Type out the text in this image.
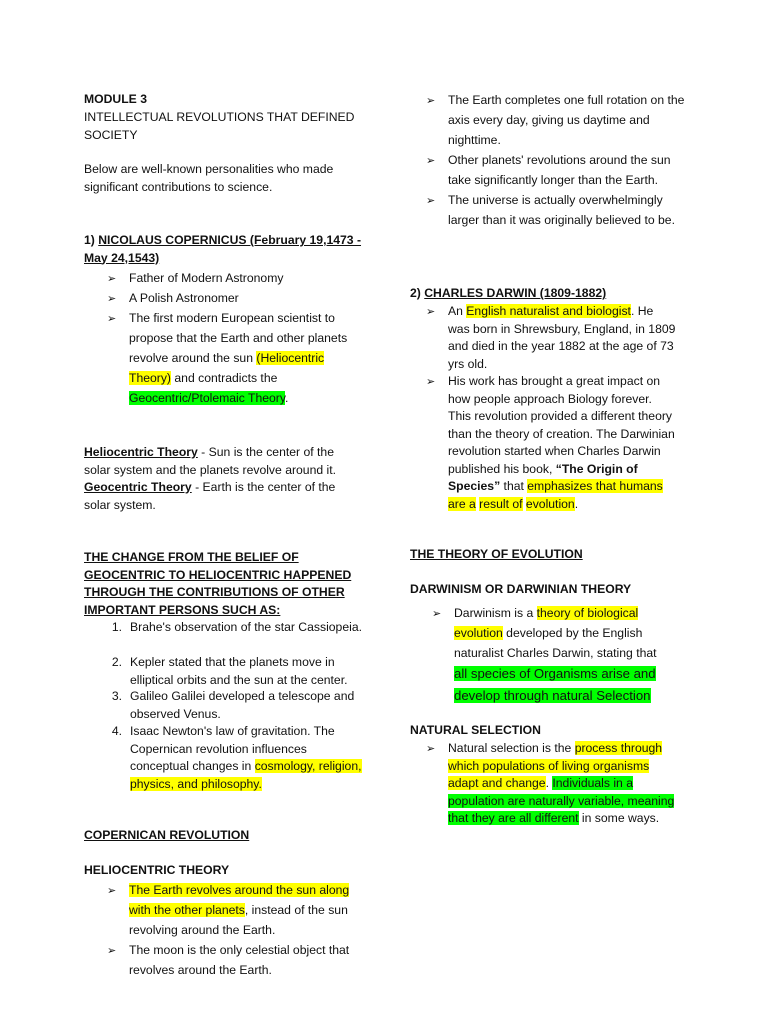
MODULE 3

INTELLECTUAL REVOLUTIONS THAT DEFINED
SOCIETY

Below are well-known personalities who made significant contributions to science.

1) NICOLAUS COPERNICUS (February 19,1473 - May 24,1543)

➢	Father of Modern Astronomy
➢	A Polish Astronomer
➢	The first modern European scientist to propose that the Earth and other planets revolve around the sun (Heliocentric Theory) and contradicts the Geocentric/Ptolemaic Theory.

Heliocentric Theory - Sun is the center of the solar system and the planets revolve around it.

Geocentric Theory - Earth is the center of the solar system.

THE CHANGE FROM THE BELIEF OF GEOCENTRIC TO HELIOCENTRIC HAPPENED THROUGH THE CONTRIBUTIONS OF OTHER IMPORTANT PERSONS SUCH AS:

1. Brahe's observation of the star Cassiopeia.
2. Kepler stated that the planets move in elliptical orbits and the sun at the center.
3. Galileo Galilei developed a telescope and observed Venus.
4. Isaac Newton's law of gravitation. The Copernican revolution influences conceptual changes in cosmology, religion, physics, and philosophy.

COPERNICAN REVOLUTION

HELIOCENTRIC THEORY

➢	The Earth revolves around the sun along with the other planets, instead of the sun revolving around the Earth.
➢	The moon is the only celestial object that revolves around the Earth.
➢	The Earth completes one full rotation on the axis every day, giving us daytime and nighttime.
➢	Other planets' revolutions around the sun take significantly longer than the Earth.
➢	The universe is actually overwhelmingly larger than it was originally believed to be.

2) CHARLES DARWIN (1809-1882)

➢	An English naturalist and biologist. He was born in Shrewsbury, England, in 1809 and died in the year 1882 at the age of 73 yrs old.
➢	His work has brought a great impact on how people approach Biology forever. This revolution provided a different theory than the theory of creation. The Darwinian revolution started when Charles Darwin published his book, “The Origin of Species” that emphasizes that humans are a result of evolution.

THE THEORY OF EVOLUTION

DARWINISM OR DARWINIAN THEORY

➢	Darwinism is a theory of biological evolution developed by the English naturalist Charles Darwin, stating that all species of Organisms arise and develop through natural Selection

NATURAL SELECTION

➢	Natural selection is the process through which populations of living organisms adapt and change. Individuals in a population are naturally variable, meaning that they are all different in some ways.
